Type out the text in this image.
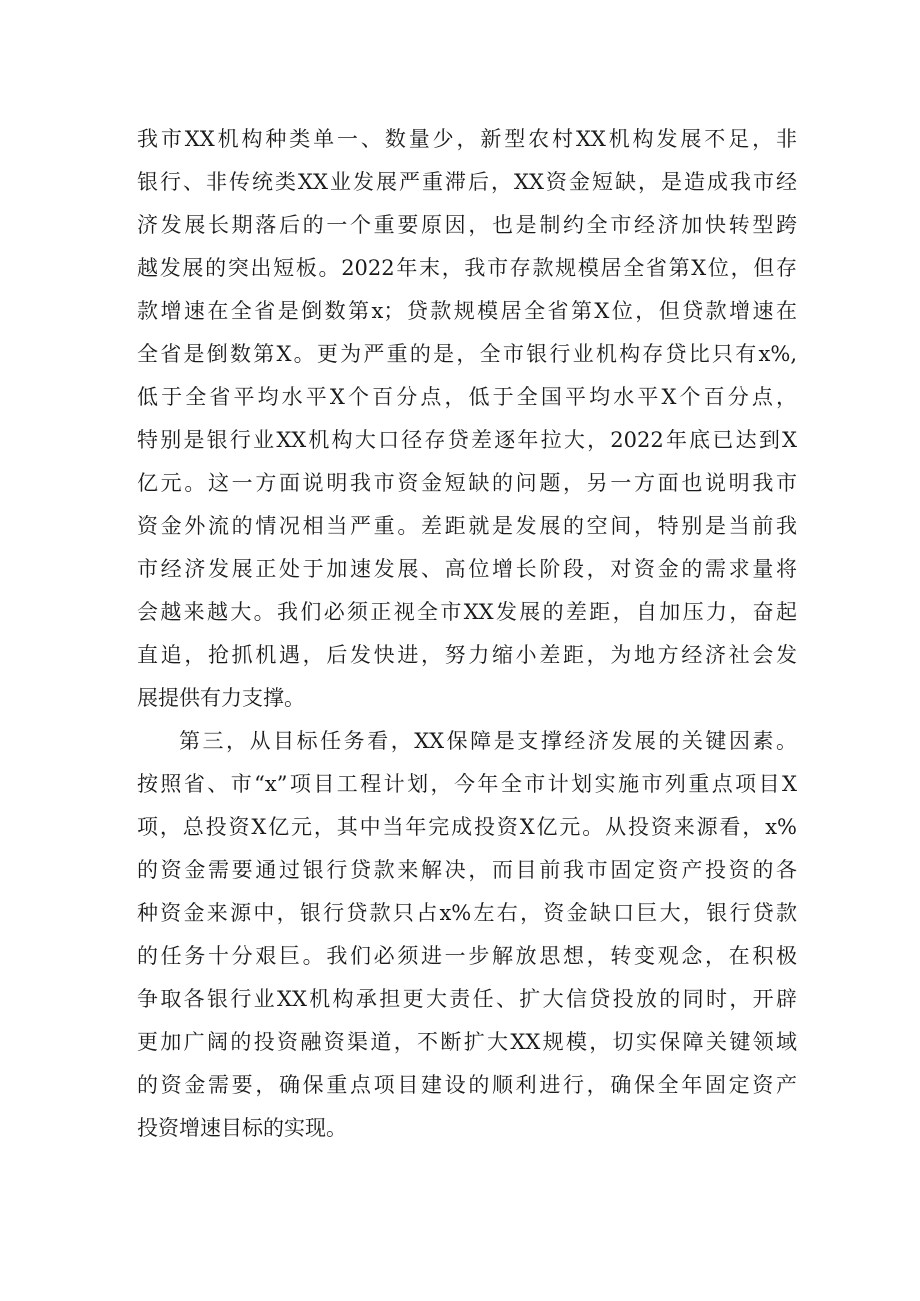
我市XX机构种类单一、数量少，新型农村XX机构发展不足，非
银行、非传统类XX业发展严重滞后，XX资金短缺，是造成我市经
济发展长期落后的一个重要原因，也是制约全市经济加快转型跨
越发展的突出短板。2022年末，我市存款规模居全省第X位，但存
款增速在全省是倒数第x；贷款规模居全省第X位，但贷款增速在
全省是倒数第X。更为严重的是，全市银行业机构存贷比只有x%,
低于全省平均水平X个百分点，低于全国平均水平X个百分点，
特别是银行业XX机构大口径存贷差逐年拉大，2022年底已达到X
亿元。这一方面说明我市资金短缺的问题，另一方面也说明我市
资金外流的情况相当严重。差距就是发展的空间，特别是当前我
市经济发展正处于加速发展、高位增长阶段，对资金的需求量将
会越来越大。我们必须正视全市XX发展的差距，自加压力，奋起
直追，抢抓机遇，后发快进，努力缩小差距，为地方经济社会发
展提供有力支撑。
第三，从目标任务看，XX保障是支撑经济发展的关键因素。
按照省、市“x”项目工程计划，今年全市计划实施市列重点项目X
项，总投资X亿元，其中当年完成投资X亿元。从投资来源看，x%
的资金需要通过银行贷款来解决，而目前我市固定资产投资的各
种资金来源中，银行贷款只占x%左右，资金缺口巨大，银行贷款
的任务十分艰巨。我们必须进一步解放思想，转变观念，在积极
争取各银行业XX机构承担更大责任、扩大信贷投放的同时，开辟
更加广阔的投资融资渠道，不断扩大XX规模，切实保障关键领域
的资金需要，确保重点项目建设的顺利进行，确保全年固定资产
投资增速目标的实现。
